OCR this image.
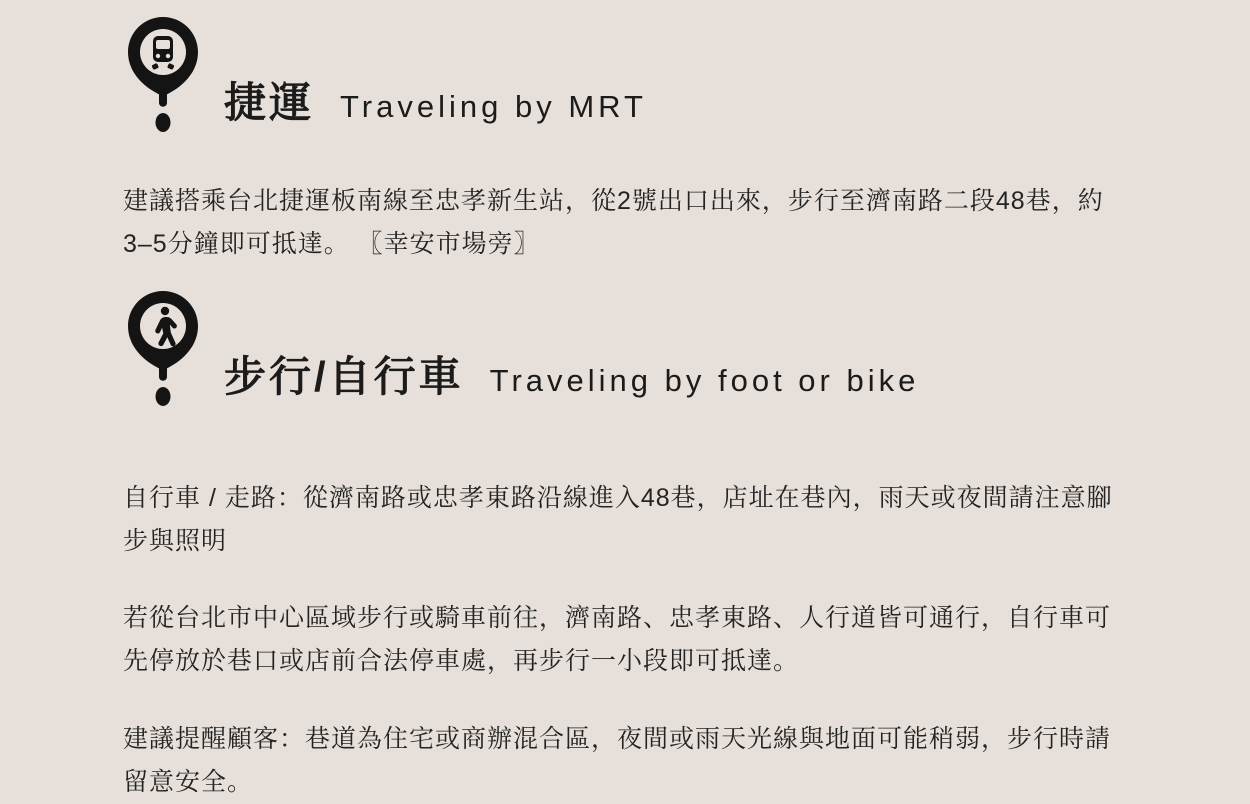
捷運 Traveling by MRT

建議搭乘台北捷運板南線至忠孝新生站，從2號出口出來，步行至濟南路二段48巷，約3–5分鐘即可抵達。 〖幸安市場旁〗

步行/自行車 Traveling by foot or bike

自行車 / 走路：從濟南路或忠孝東路沿線進入48巷，店址在巷內，雨天或夜間請注意腳步與照明

若從台北市中心區域步行或騎車前往，濟南路、忠孝東路、人行道皆可通行，自行車可先停放於巷口或店前合法停車處，再步行一小段即可抵達。

建議提醒顧客：巷道為住宅或商辦混合區，夜間或雨天光線與地面可能稍弱，步行時請留意安全。
